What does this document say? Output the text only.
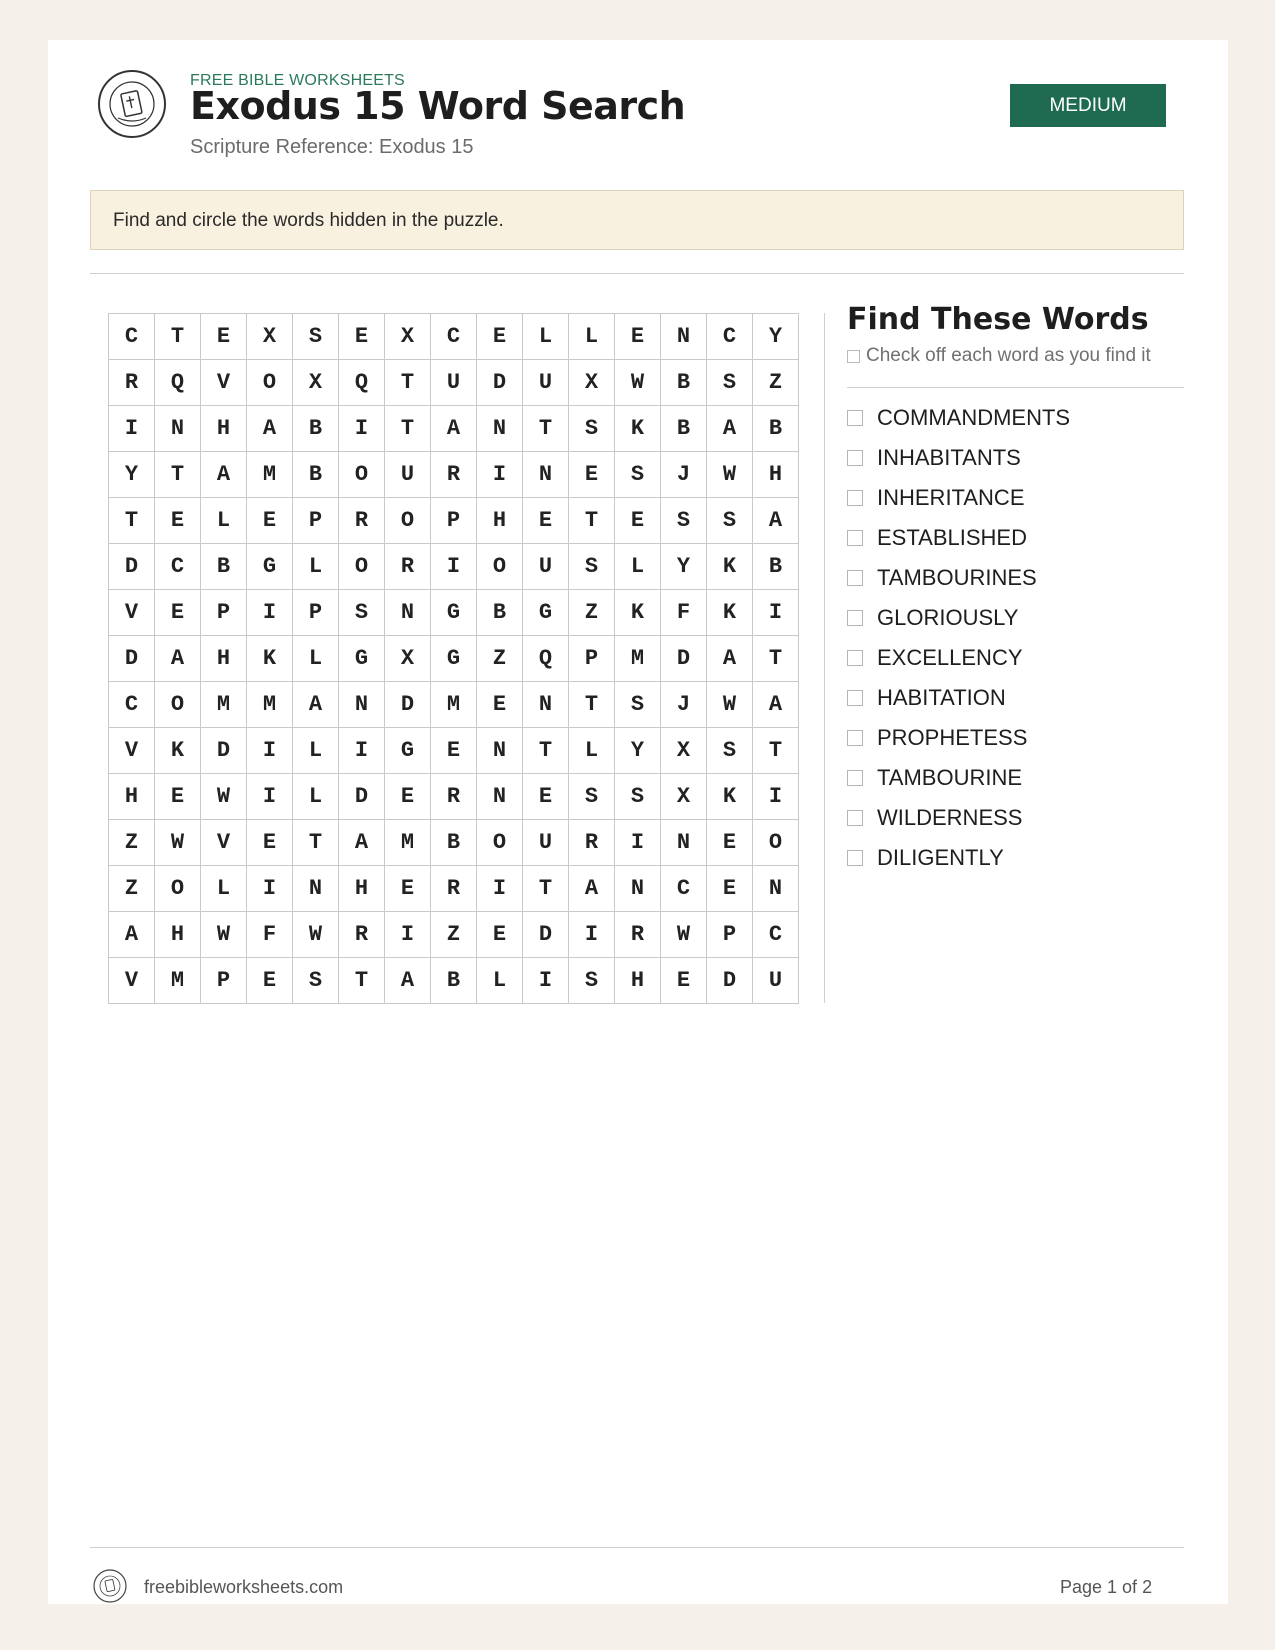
FREE BIBLE WORKSHEETS
Exodus 15 Word Search
Scripture Reference: Exodus 15
MEDIUM
Find and circle the words hidden in the puzzle.
C	T	E	X	S	E	X	C	E	L	L	E	N	C	Y
R	Q	V	O	X	Q	T	U	D	U	X	W	B	S	Z
I	N	H	A	B	I	T	A	N	T	S	K	B	A	B
Y	T	A	M	B	O	U	R	I	N	E	S	J	W	H
T	E	L	E	P	R	O	P	H	E	T	E	S	S	A
D	C	B	G	L	O	R	I	O	U	S	L	Y	K	B
V	E	P	I	P	S	N	G	B	G	Z	K	F	K	I
D	A	H	K	L	G	X	G	Z	Q	P	M	D	A	T
C	O	M	M	A	N	D	M	E	N	T	S	J	W	A
V	K	D	I	L	I	G	E	N	T	L	Y	X	S	T
H	E	W	I	L	D	E	R	N	E	S	S	X	K	I
Z	W	V	E	T	A	M	B	O	U	R	I	N	E	O
Z	O	L	I	N	H	E	R	I	T	A	N	C	E	N
A	H	W	F	W	R	I	Z	E	D	I	R	W	P	C
V	M	P	E	S	T	A	B	L	I	S	H	E	D	U
Find These Words
Check off each word as you find it
COMMANDMENTS
INHABITANTS
INHERITANCE
ESTABLISHED
TAMBOURINES
GLORIOUSLY
EXCELLENCY
HABITATION
PROPHETESS
TAMBOURINE
WILDERNESS
DILIGENTLY
freebibleworksheets.com	Page 1 of 2
